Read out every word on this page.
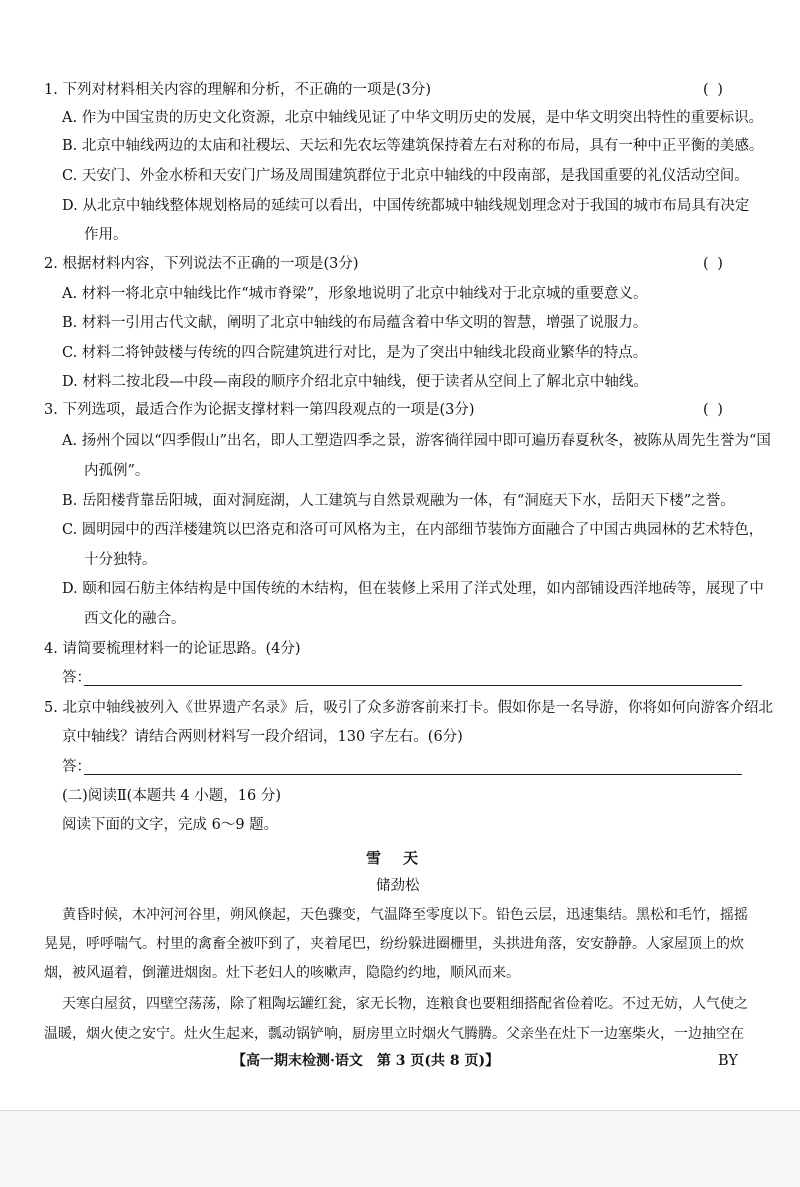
1. 下列对材料相关内容的理解和分析，不正确的一项是(3分)	( )
A. 作为中国宝贵的历史文化资源，北京中轴线见证了中华文明历史的发展，是中华文明突出特性的重要标识。
B. 北京中轴线两边的太庙和社稷坛、天坛和先农坛等建筑保持着左右对称的布局，具有一种中正平衡的美感。
C. 天安门、外金水桥和天安门广场及周围建筑群位于北京中轴线的中段南部，是我国重要的礼仪活动空间。
D. 从北京中轴线整体规划格局的延续可以看出，中国传统都城中轴线规划理念对于我国的城市布局具有决定
作用。
2. 根据材料内容，下列说法不正确的一项是(3分)	( )
A. 材料一将北京中轴线比作“城市脊梁”，形象地说明了北京中轴线对于北京城的重要意义。
B. 材料一引用古代文献，阐明了北京中轴线的布局蕴含着中华文明的智慧，增强了说服力。
C. 材料二将钟鼓楼与传统的四合院建筑进行对比，是为了突出中轴线北段商业繁华的特点。
D. 材料二按北段—中段—南段的顺序介绍北京中轴线，便于读者从空间上了解北京中轴线。
3. 下列选项，最适合作为论据支撑材料一第四段观点的一项是(3分)	( )
A. 扬州个园以“四季假山”出名，即人工塑造四季之景，游客徜徉园中即可遍历春夏秋冬，被陈从周先生誉为“国
内孤例”。
B. 岳阳楼背靠岳阳城，面对洞庭湖，人工建筑与自然景观融为一体，有“洞庭天下水，岳阳天下楼”之誉。
C. 圆明园中的西洋楼建筑以巴洛克和洛可可风格为主，在内部细节装饰方面融合了中国古典园林的艺术特色，
十分独特。
D. 颐和园石舫主体结构是中国传统的木结构，但在装修上采用了洋式处理，如内部铺设西洋地砖等，展现了中
西文化的融合。
4. 请简要梳理材料一的论证思路。(4分)
答：
5. 北京中轴线被列入《世界遗产名录》后，吸引了众多游客前来打卡。假如你是一名导游，你将如何向游客介绍北
京中轴线？请结合两则材料写一段介绍词，130 字左右。(6分)
答：
(二)阅读Ⅱ(本题共 4 小题，16 分)
阅读下面的文字，完成 6～9 题。
雪天
储劲松
黄昏时候，木冲河河谷里，朔风倏起，天色骤变，气温降至零度以下。铅色云层，迅速集结。黑松和毛竹，摇摇
晃晃，呼呼喘气。村里的禽畜全被吓到了，夹着尾巴，纷纷躲进圈栅里，头拱进角落，安安静静。人家屋顶上的炊
烟，被风逼着，倒灌进烟囱。灶下老妇人的咳嗽声，隐隐约约地，顺风而来。
天寒白屋贫，四壁空荡荡，除了粗陶坛罐红瓮，家无长物，连粮食也要粗细搭配省俭着吃。不过无妨，人气使之
温暖，烟火使之安宁。灶火生起来，瓢动锅铲响，厨房里立时烟火气腾腾。父亲坐在灶下一边塞柴火，一边抽空在
【高一期末检测·语文　第 3 页(共 8 页)】	BY
